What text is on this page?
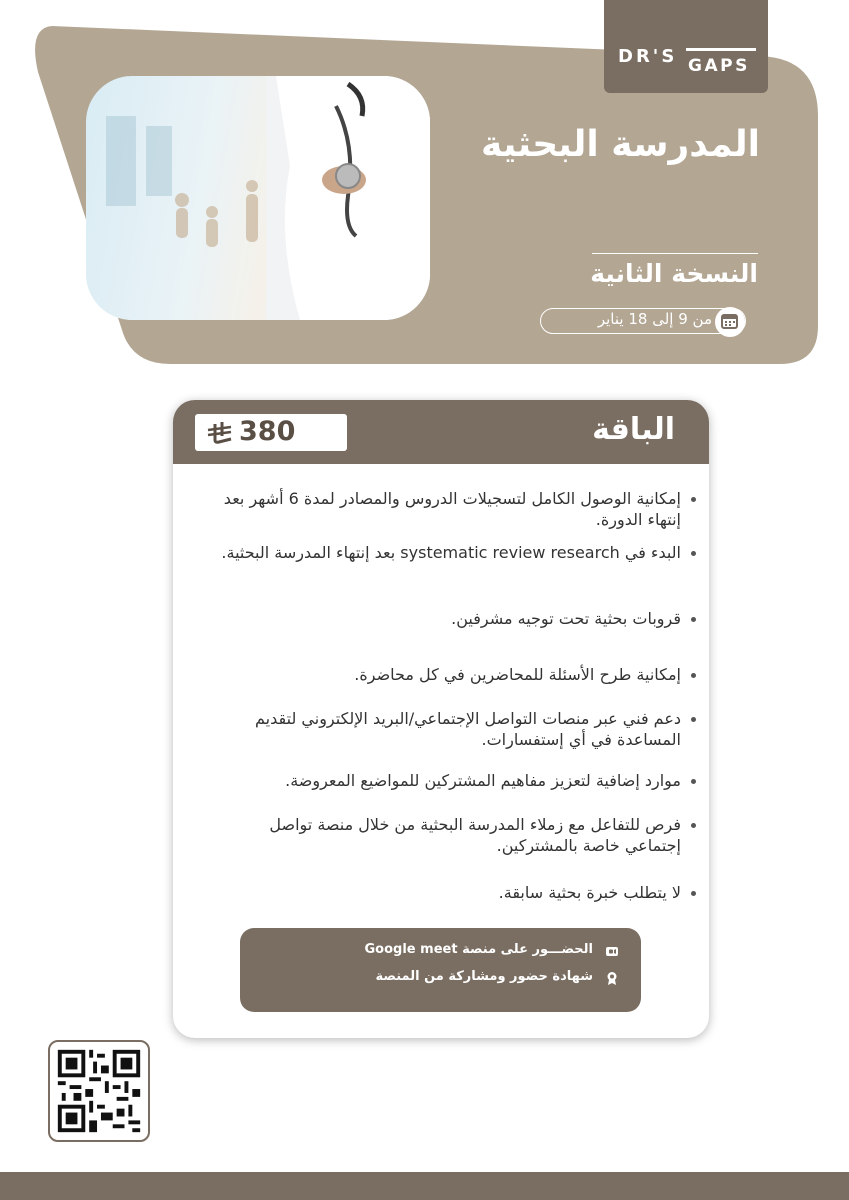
DR'S GAPS
المدرسة البحثية
النسخة الثانية
من 9 إلى 18 يناير
الباقة
380
إمكانية الوصول الكامل لتسجيلات الدروس والمصادر لمدة 6 أشهر بعد إنتهاء الدورة.
البدء في systematic review research بعد إنتهاء المدرسة البحثية.
قروبات بحثية تحت توجيه مشرفين.
إمكانية طرح الأسئلة للمحاضرين في كل محاضرة.
دعم فني عبر منصات التواصل الإجتماعي/البريد الإلكتروني لتقديم المساعدة في أي إستفسارات.
موارد إضافية لتعزيز مفاهيم المشتركين للمواضيع المعروضة.
فرص للتفاعل مع زملاء المدرسة البحثية من خلال منصة تواصل إجتماعي خاصة بالمشتركين.
لا يتطلب خبرة بحثية سابقة.
الحضـــور على منصة Google meet
شهادة حضور ومشاركة من المنصة
